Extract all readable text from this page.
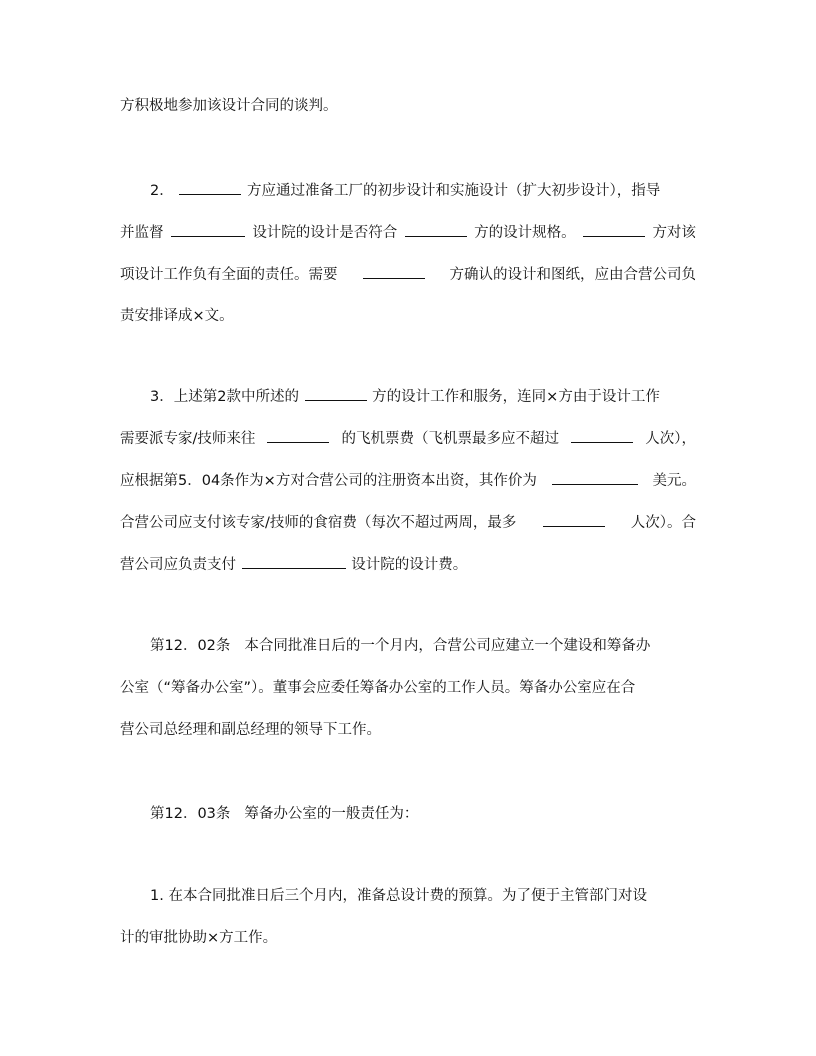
方积极地参加该设计合同的谈判。
2．	方应通过准备工厂的初步设计和实施设计（扩大初步设计），指导
并监督	设计院的设计是否符合	方的设计规格。	方对该
项设计工作负有全面的责任。需要	方确认的设计和图纸，应由合营公司负
责安排译成×文。
3．上述第2款中所述的	方的设计工作和服务，连同×方由于设计工作
需要派专家/技师来往	的飞机票费（飞机票最多应不超过	人次），
应根据第5．04条作为×方对合营公司的注册资本出资，其作价为	美元。
合营公司应支付该专家/技师的食宿费（每次不超过两周，最多	人次）。合
营公司应负责支付	设计院的设计费。
第12．02条 本合同批准日后的一个月内，合营公司应建立一个建设和筹备办
公室（“筹备办公室”）。董事会应委任筹备办公室的工作人员。筹备办公室应在合
营公司总经理和副总经理的领导下工作。
第12．03条 筹备办公室的一般责任为：
1. 在本合同批准日后三个月内，准备总设计费的预算。为了便于主管部门对设
计的审批协助×方工作。
